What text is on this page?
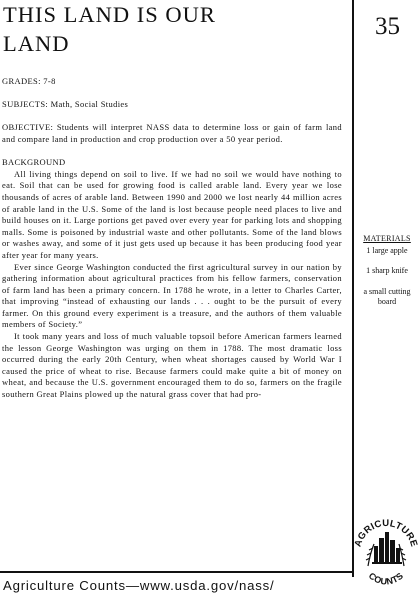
THIS LAND IS OUR
LAND
35

GRADES: 7-8

SUBJECTS: Math, Social Studies

OBJECTIVE: Students will interpret NASS data to determine loss or gain of farm land and compare land in production and crop production over a 50 year period.

BACKGROUND

All living things depend on soil to live. If we had no soil we would have nothing to eat. Soil that can be used for growing food is called arable land. Every year we lose thousands of acres of arable land. Between 1990 and 2000 we lost nearly 44 million acres of arable land in the U.S. Some of the land is lost because people need places to live and build houses on it. Large portions get paved over every year for parking lots and shopping malls. Some is poisoned by industrial waste and other pollutants. Some of the land blows or washes away, and some of it just gets used up because it has been producing food year after year for many years.

Ever since George Washington conducted the first agricultural survey in our nation by gathering information about agricultural practices from his fellow farmers, conservation of farm land has been a primary concern. In 1788 he wrote, in a letter to Charles Carter, that improving “instead of exhausting our lands . . . ought to be the pursuit of every farmer. On this ground every experiment is a treasure, and the authors of them valuable members of Society.”

It took many years and loss of much valuable topsoil before American farmers learned the lesson George Washington was urging on them in 1788. The most dramatic loss occurred during the early 20th Century, when wheat shortages caused by World War I caused the price of wheat to rise. Because farmers could make quite a bit of money on wheat, and because the U.S. government encouraged them to do so, farmers on the fragile southern Great Plains plowed up the natural grass cover that had pro-

MATERIALS
1 large apple
1 sharp knife
a small cutting board
Agriculture Counts—www.usda.gov/nass/
AGRICULTURE
COUNTS
